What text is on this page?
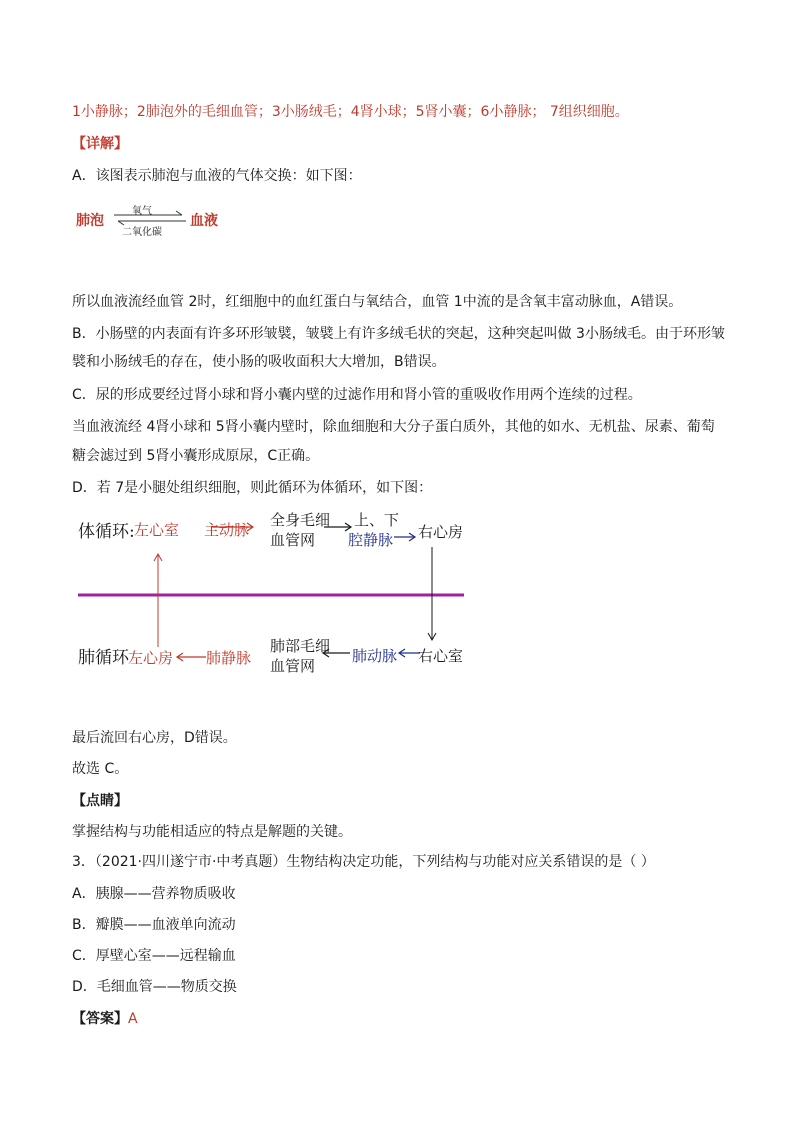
1小静脉；2肺泡外的毛细血管；3小肠绒毛；4肾小球；5肾小囊；6小静脉； 7组织细胞。
【详解】
A．该图表示肺泡与血液的气体交换：如下图：
肺泡
氧气
二氧化碳
血液
所以血液流经血管 2时，红细胞中的血红蛋白与氧结合，血管 1中流的是含氧丰富动脉血，A错误。
B．小肠壁的内表面有许多环形皱襞，皱襞上有许多绒毛状的突起，这种突起叫做 3小肠绒毛。由于环形皱
襞和小肠绒毛的存在，使小肠的吸收面积大大增加，B错误。
C．尿的形成要经过肾小球和肾小囊内壁的过滤作用和肾小管的重吸收作用两个连续的过程。
当血液流经 4肾小球和 5肾小囊内壁时，除血细胞和大分子蛋白质外，其他的如水、无机盐、尿素、葡萄
糖会滤过到 5肾小囊形成原尿，C正确。
D．若 7是小腿处组织细胞，则此循环为体循环，如下图：
体循环: 左心室 主动脉
全身毛细
血管网
上、下
腔静脉 右心房
肺循环 左心房 肺静脉
肺部毛细
血管网
肺动脉 右心室
最后流回右心房，D错误。
故选 C。
【点睛】
掌握结构与功能相适应的特点是解题的关键。
3．（2021·四川遂宁市·中考真题）生物结构决定功能，下列结构与功能对应关系错误的是（ ）
A．胰腺——营养物质吸收
B．瓣膜——血液单向流动
C．厚壁心室——远程输血
D．毛细血管——物质交换
【答案】A
